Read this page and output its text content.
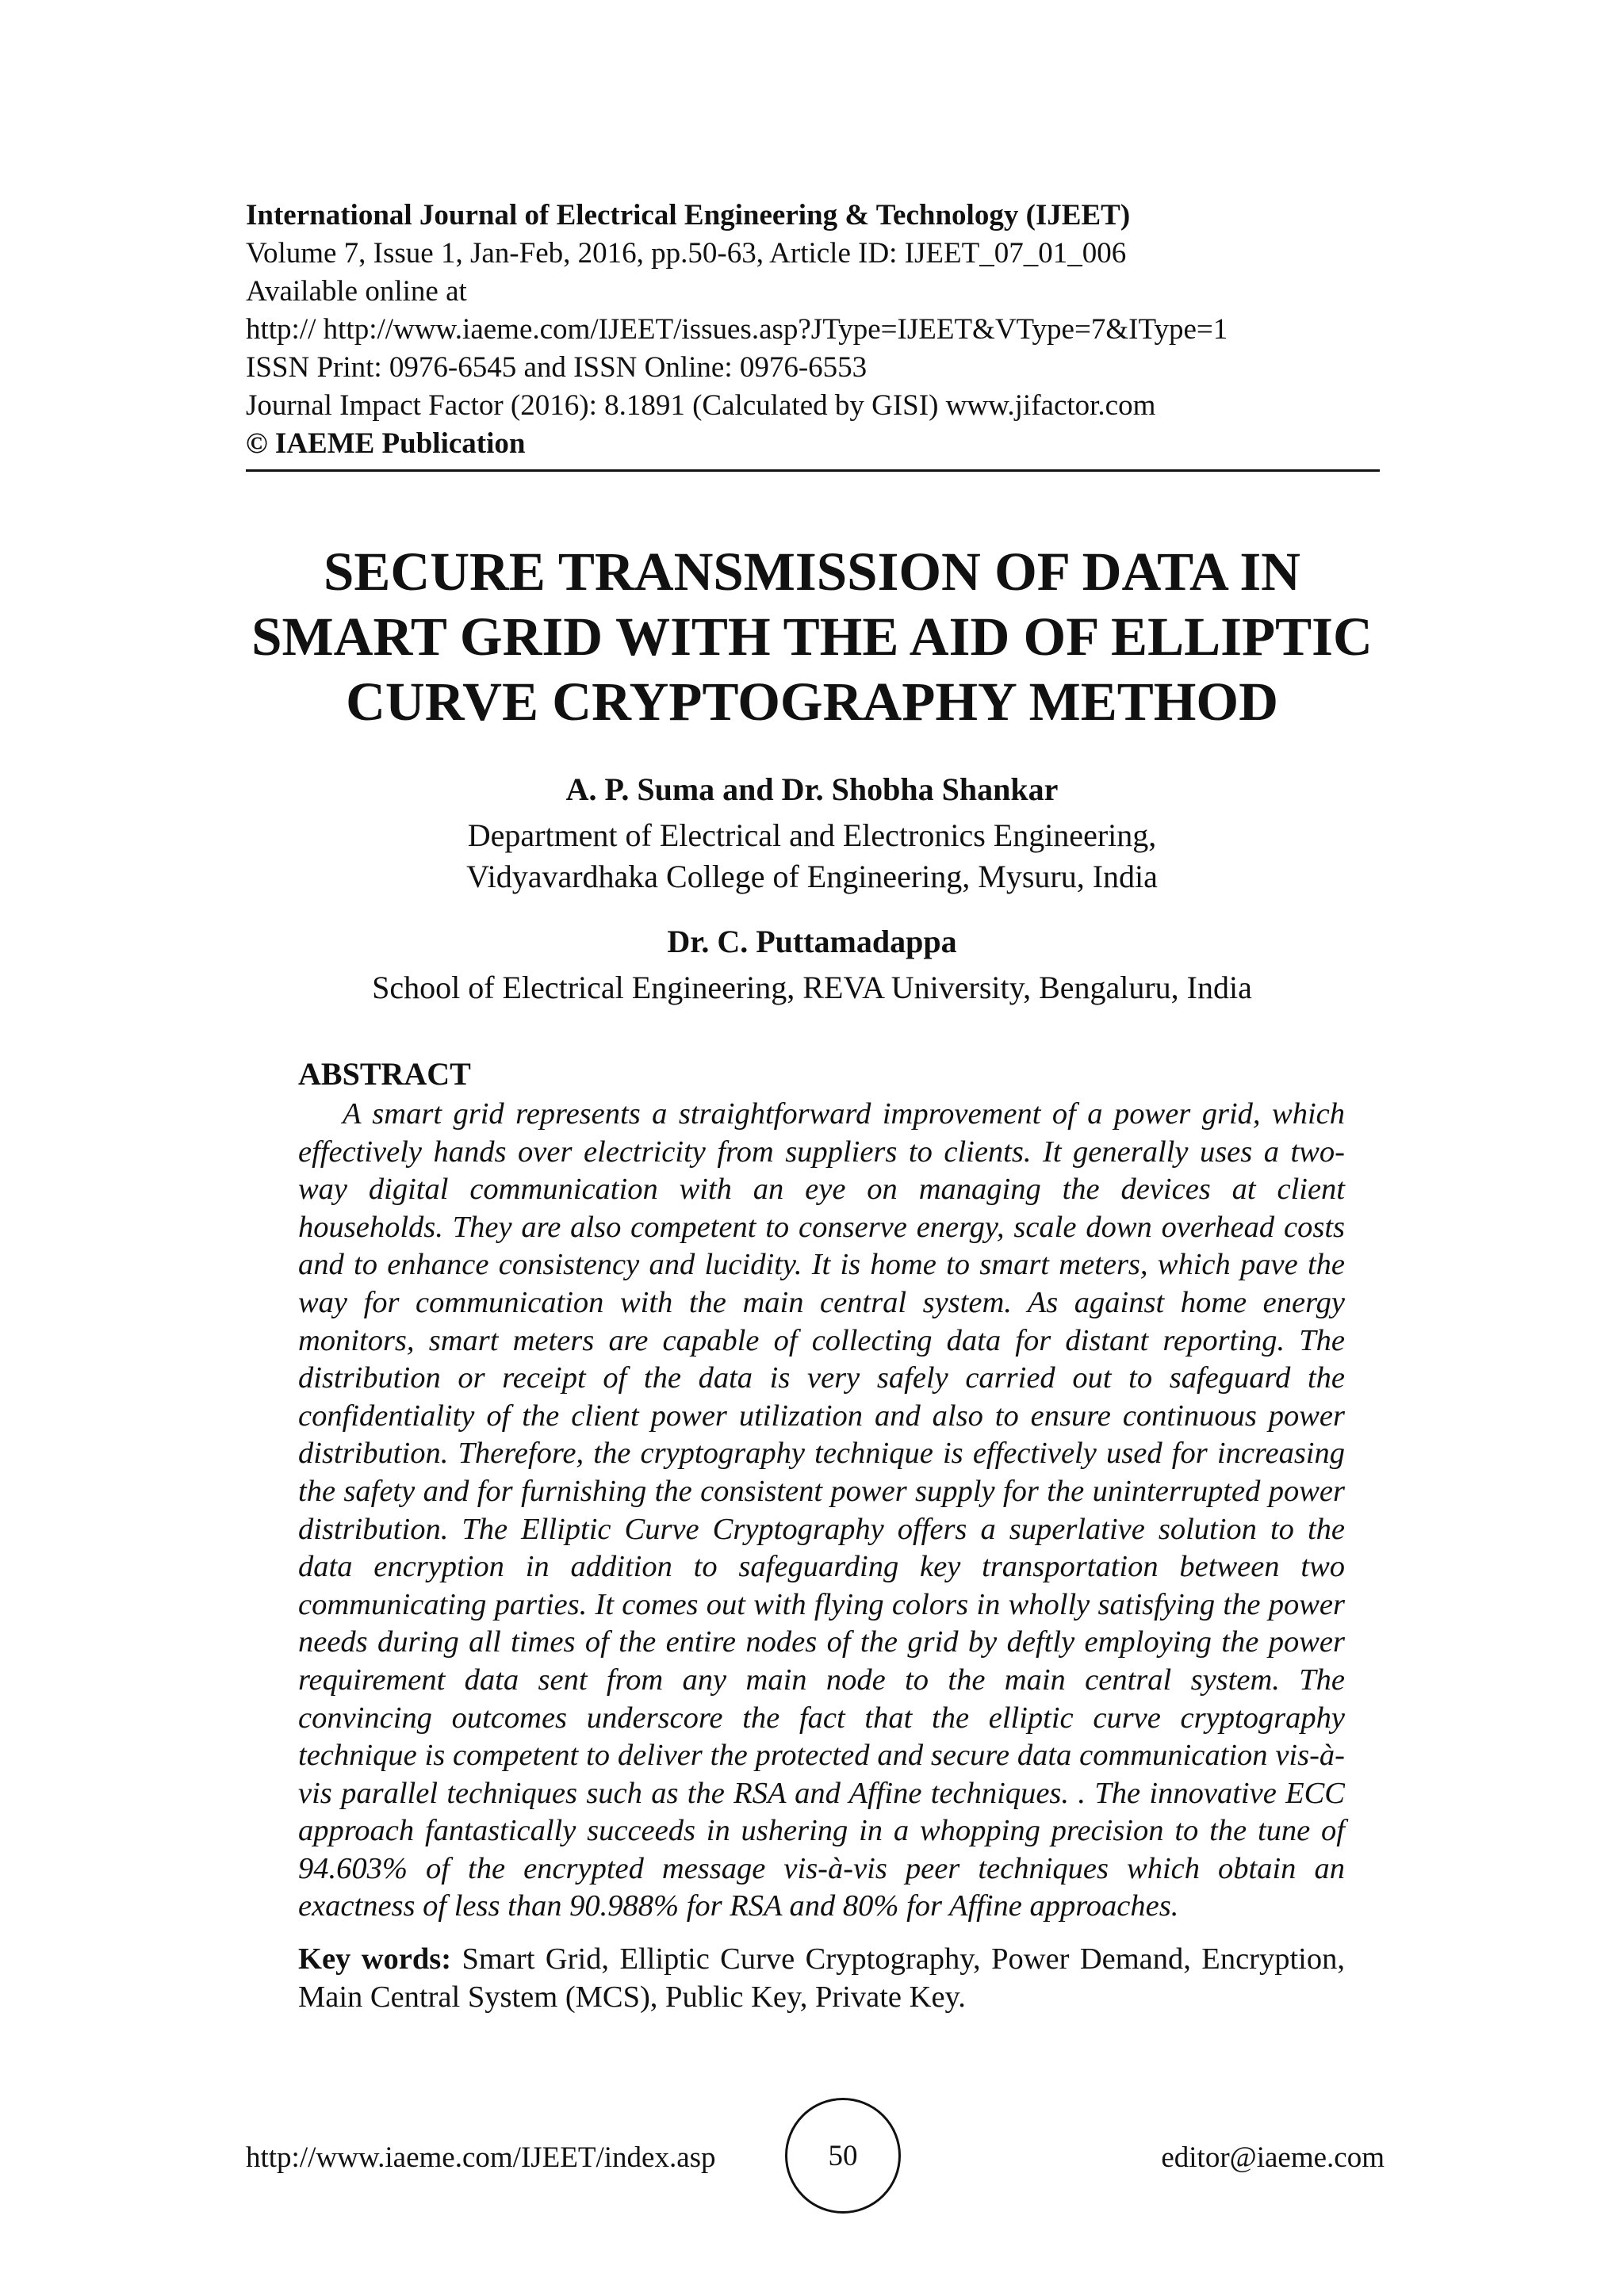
International Journal of Electrical Engineering & Technology (IJEET)
Volume 7, Issue 1, Jan-Feb, 2016, pp.50-63, Article ID: IJEET_07_01_006
Available online at
http:// http://www.iaeme.com/IJEET/issues.asp?JType=IJEET&VType=7&IType=1
ISSN Print: 0976-6545 and ISSN Online: 0976-6553
Journal Impact Factor (2016): 8.1891 (Calculated by GISI) www.jifactor.com
© IAEME Publication
SECURE TRANSMISSION OF DATA IN
SMART GRID WITH THE AID OF ELLIPTIC
CURVE CRYPTOGRAPHY METHOD
A. P. Suma and Dr. Shobha Shankar
Department of Electrical and Electronics Engineering,
Vidyavardhaka College of Engineering, Mysuru, India
Dr. C. Puttamadappa
School of Electrical Engineering, REVA University, Bengaluru, India
ABSTRACT

A smart grid represents a straightforward improvement of a power grid, which effectively hands over electricity from suppliers to clients. It generally uses a two-way digital communication with an eye on managing the devices at client households. They are also competent to conserve energy, scale down overhead costs and to enhance consistency and lucidity. It is home to smart meters, which pave the way for communication with the main central system. As against home energy monitors, smart meters are capable of collecting data for distant reporting. The distribution or receipt of the data is very safely carried out to safeguard the confidentiality of the client power utilization and also to ensure continuous power distribution. Therefore, the cryptography technique is effectively used for increasing the safety and for furnishing the consistent power supply for the uninterrupted power distribution. The Elliptic Curve Cryptography offers a superlative solution to the data encryption in addition to safeguarding key transportation between two communicating parties. It comes out with flying colors in wholly satisfying the power needs during all times of the entire nodes of the grid by deftly employing the power requirement data sent from any main node to the main central system. The convincing outcomes underscore the fact that the elliptic curve cryptography technique is competent to deliver the protected and secure data communication vis-à-vis parallel techniques such as the RSA and Affine techniques. . The innovative ECC approach fantastically succeeds in ushering in a whopping precision to the tune of 94.603% of the encrypted message vis-à-vis peer techniques which obtain an exactness of less than 90.988% for RSA and 80% for Affine approaches.

Key words: Smart Grid, Elliptic Curve Cryptography, Power Demand, Encryption, Main Central System (MCS), Public Key, Private Key.
http://www.iaeme.com/IJEET/index.asp	50	editor@iaeme.com
